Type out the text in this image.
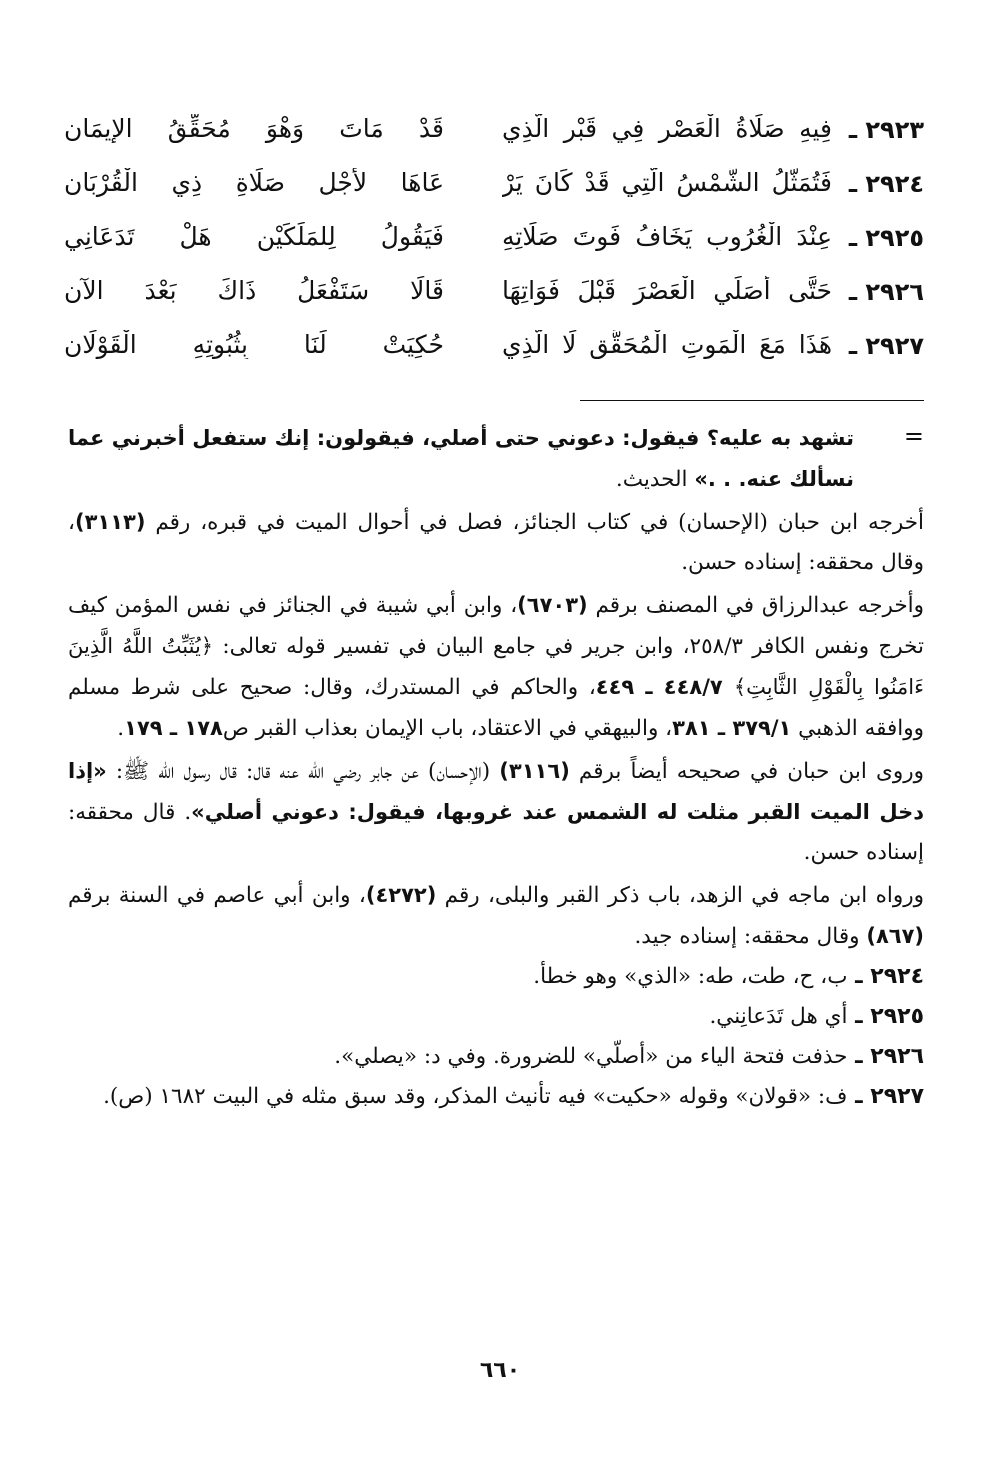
٢٩٢٣ ـ
فِيهِ صَلَاةُ الْعَصْرِ فِي قَبْرِ الَّذِي
قَدْ مَاتَ وَهْوَ مُحَقِّقُ الإِيمَانِ
٢٩٢٤ ـ
فَتُمَثَّلُ الشَّمْسُ الَّتِي قَدْ كَانَ يَرْ
عَاهَا لأَجْلِ صَلَاةِ ذِي الْقُرْبَانِ
٢٩٢٥ ـ
عِنْدَ الْغُرُوبِ يَخَافُ فَوتَ صَلَاتِهِ
فَيَقُولُ لِلمَلَكَيْنِ هَلْ تَدَعَانِي
٢٩٢٦ ـ
حَتَّى أُصَلِّي الْعَصْرَ قَبْلَ فَوَاتِهَا
قَالَا سَتَفْعَلُ ذَاكَ بَعْدَ الآنِ
٢٩٢٧ ـ
هَذَا مَعَ الْمَوتِ الْمُحَقَّقِ لَا الَّذِي
حُكِيَتْ لَنَا بِثُبُوتِهِ الْقَوْلَانِ
=

تشهد به عليه؟ فيقول: دعوني حتى أصلي، فيقولون: إنك ستفعل أخبرني عما نسألك عنه. . .» الحديث.

أخرجه ابن حبان (الإحسان) في كتاب الجنائز، فصل في أحوال الميت في قبره، رقم (٣١١٣)، وقال محققه: إسناده حسن.

وأخرجه عبدالرزاق في المصنف برقم (٦٧٠٣)، وابن أبي شيبة في الجنائز في نفس المؤمن كيف تخرج ونفس الكافر ٢٥٨/٣، وابن جرير في جامع البيان في تفسير قوله تعالى: ﴿يُثَبِّتُ اللَّهُ الَّذِينَ ءَامَنُوا بِالْقَوْلِ الثَّابِتِ﴾ ٤٤٨/٧ ـ ٤٤٩، والحاكم في المستدرك، وقال: صحيح على شرط مسلم ووافقه الذهبي ٣٧٩/١ ـ ٣٨١، والبيهقي في الاعتقاد، باب الإيمان بعذاب القبر ص١٧٨ ـ ١٧٩.

وروى ابن حبان في صحيحه أيضاً برقم (٣١١٦) (الإحسان) عن جابر رضي الله عنه قال: قال رسول الله ﷺ: «إذا دخل الميت القبر مثلت له الشمس عند غروبها، فيقول: دعوني أصلي». قال محققه: إسناده حسن.

ورواه ابن ماجه في الزهد، باب ذكر القبر والبلى، رقم (٤٢٧٢)، وابن أبي عاصم في السنة برقم (٨٦٧) وقال محققه: إسناده جيد.

٢٩٢٤ ـ ب، ح، طت، طه: «الذي» وهو خطأ.

٢٩٢٥ ـ أي هل تَدَعانِني.

٢٩٢٦ ـ حذفت فتحة الياء من «أصلّي» للضرورة. وفي د: «يصلي».

٢٩٢٧ ـ ف: «قولان» وقوله «حكيت» فيه تأنيث المذكر، وقد سبق مثله في البيت ١٦٨٢ (ص).

٦٦٠
